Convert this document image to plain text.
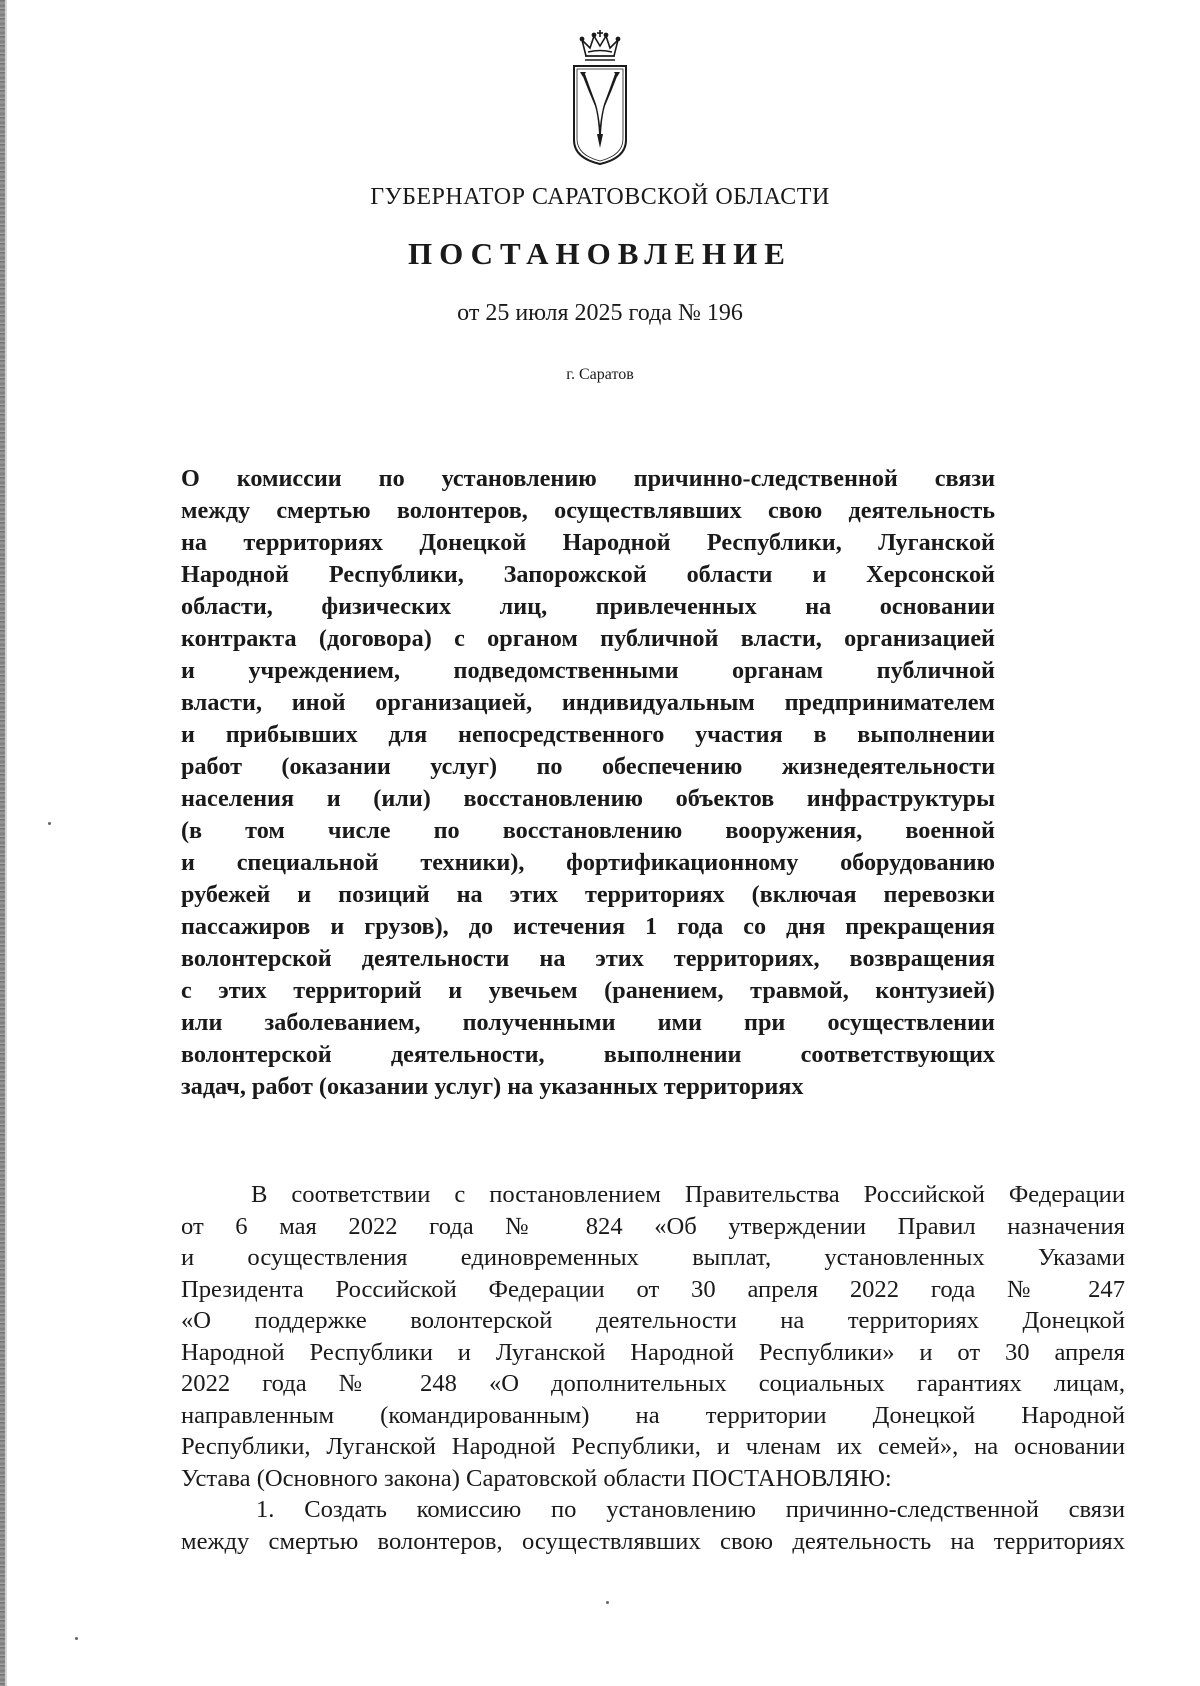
ГУБЕРНАТОР САРАТОВСКОЙ ОБЛАСТИ
ПОСТАНОВЛЕНИЕ
от 25 июля 2025 года № 196
г. Саратов
О комиссии по установлению причинно-следственной связи
между смертью волонтеров, осуществлявших свою деятельность
на территориях Донецкой Народной Республики, Луганской
Народной Республики, Запорожской области и Херсонской
области, физических лиц, привлеченных на основании
контракта (договора) с органом публичной власти, организацией
и учреждением, подведомственными органам публичной
власти, иной организацией, индивидуальным предпринимателем
и прибывших для непосредственного участия в выполнении
работ (оказании услуг) по обеспечению жизнедеятельности
населения и (или) восстановлению объектов инфраструктуры
(в том числе по восстановлению вооружения, военной
и специальной техники), фортификационному оборудованию
рубежей и позиций на этих территориях (включая перевозки
пассажиров и грузов), до истечения 1 года со дня прекращения
волонтерской деятельности на этих территориях, возвращения
с этих территорий и увечьем (ранением, травмой, контузией)
или заболеванием, полученными ими при осуществлении
волонтерской деятельности, выполнении соответствующих
задач, работ (оказании услуг) на указанных территориях
В соответствии с постановлением Правительства Российской Федерации
от 6 мая 2022 года № 824 «Об утверждении Правил назначения
и осуществления единовременных выплат, установленных Указами
Президента Российской Федерации от 30 апреля 2022 года № 247
«О поддержке волонтерской деятельности на территориях Донецкой
Народной Республики и Луганской Народной Республики» и от 30 апреля
2022 года № 248 «О дополнительных социальных гарантиях лицам,
направленным (командированным) на территории Донецкой Народной
Республики, Луганской Народной Республики, и членам их семей», на основании
Устава (Основного закона) Саратовской области ПОСТАНОВЛЯЮ:
1. Создать комиссию по установлению причинно-следственной связи
между смертью волонтеров, осуществлявших свою деятельность на территориях
